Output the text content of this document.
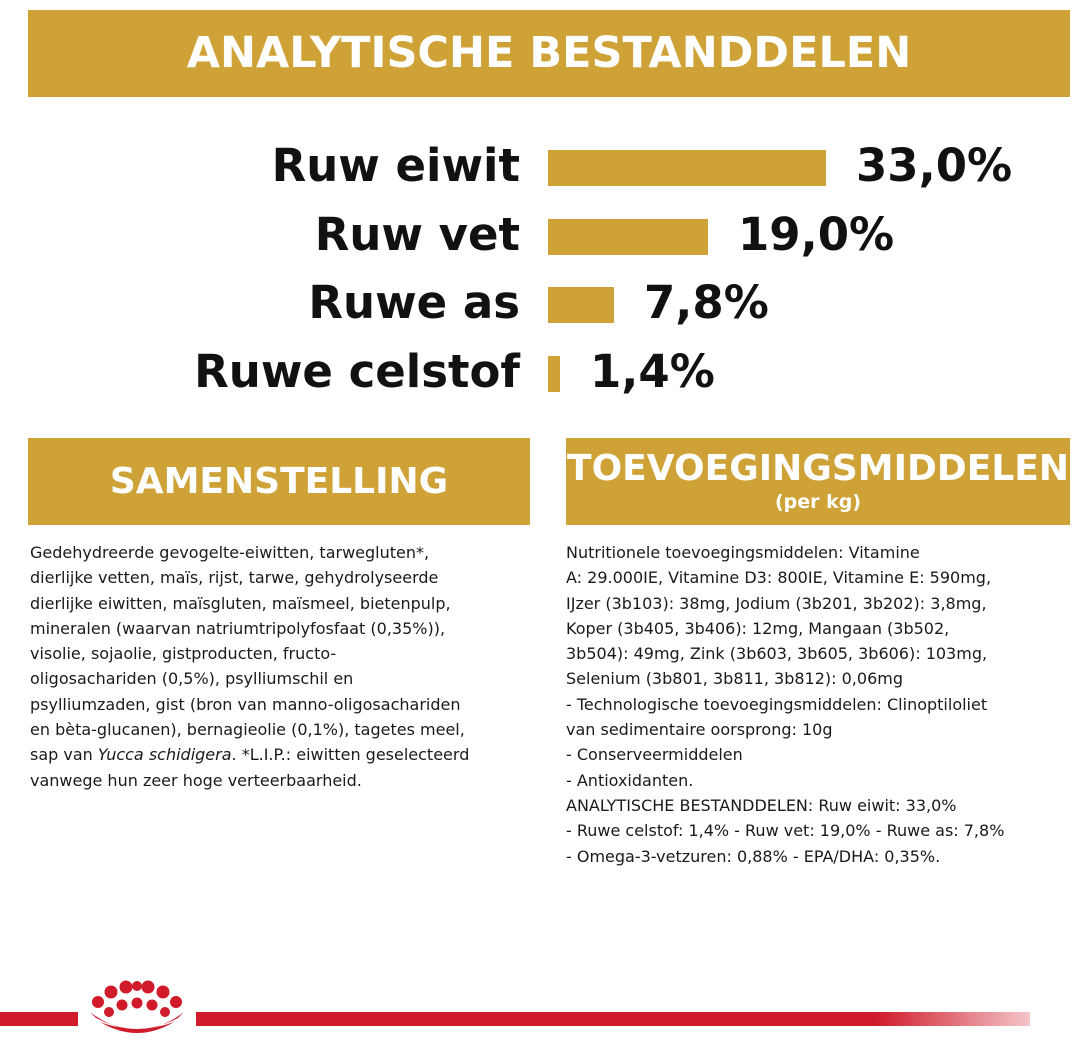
ANALYTISCHE BESTANDDELEN
Ruw eiwit	33,0%
Ruw vet	19,0%
Ruwe as	7,8%
Ruwe celstof 1,4%
SAMENSTELLING	TOEVOEGINGSMIDDELEN
(per kg)
Gedehydreerde gevogelte-eiwitten, tarwegluten*,
dierlijke vetten, maïs, rijst, tarwe, gehydrolyseerde
dierlijke eiwitten, maïsgluten, maïsmeel, bietenpulp,
mineralen (waarvan natriumtripolyfosfaat (0,35%)),
visolie, sojaolie, gistproducten, fructo-
oligosachariden (0,5%), psylliumschil en
psylliumzaden, gist (bron van manno-oligosachariden
en bèta-glucanen), bernagieolie (0,1%), tagetes meel,
sap van Yucca schidigera. *L.I.P.: eiwitten geselecteerd
vanwege hun zeer hoge verteerbaarheid.
Nutritionele toevoegingsmiddelen: Vitamine
A: 29.000IE, Vitamine D3: 800IE, Vitamine E: 590mg,
IJzer (3b103): 38mg, Jodium (3b201, 3b202): 3,8mg,
Koper (3b405, 3b406): 12mg, Mangaan (3b502,
3b504): 49mg, Zink (3b603, 3b605, 3b606): 103mg,
Selenium (3b801, 3b811, 3b812): 0,06mg
- Technologische toevoegingsmiddelen: Clinoptiloliet
van sedimentaire oorsprong: 10g
- Conserveermiddelen
- Antioxidanten.
ANALYTISCHE BESTANDDELEN: Ruw eiwit: 33,0%
- Ruwe celstof: 1,4% - Ruw vet: 19,0% - Ruwe as: 7,8%
- Omega-3-vetzuren: 0,88% - EPA/DHA: 0,35%.
